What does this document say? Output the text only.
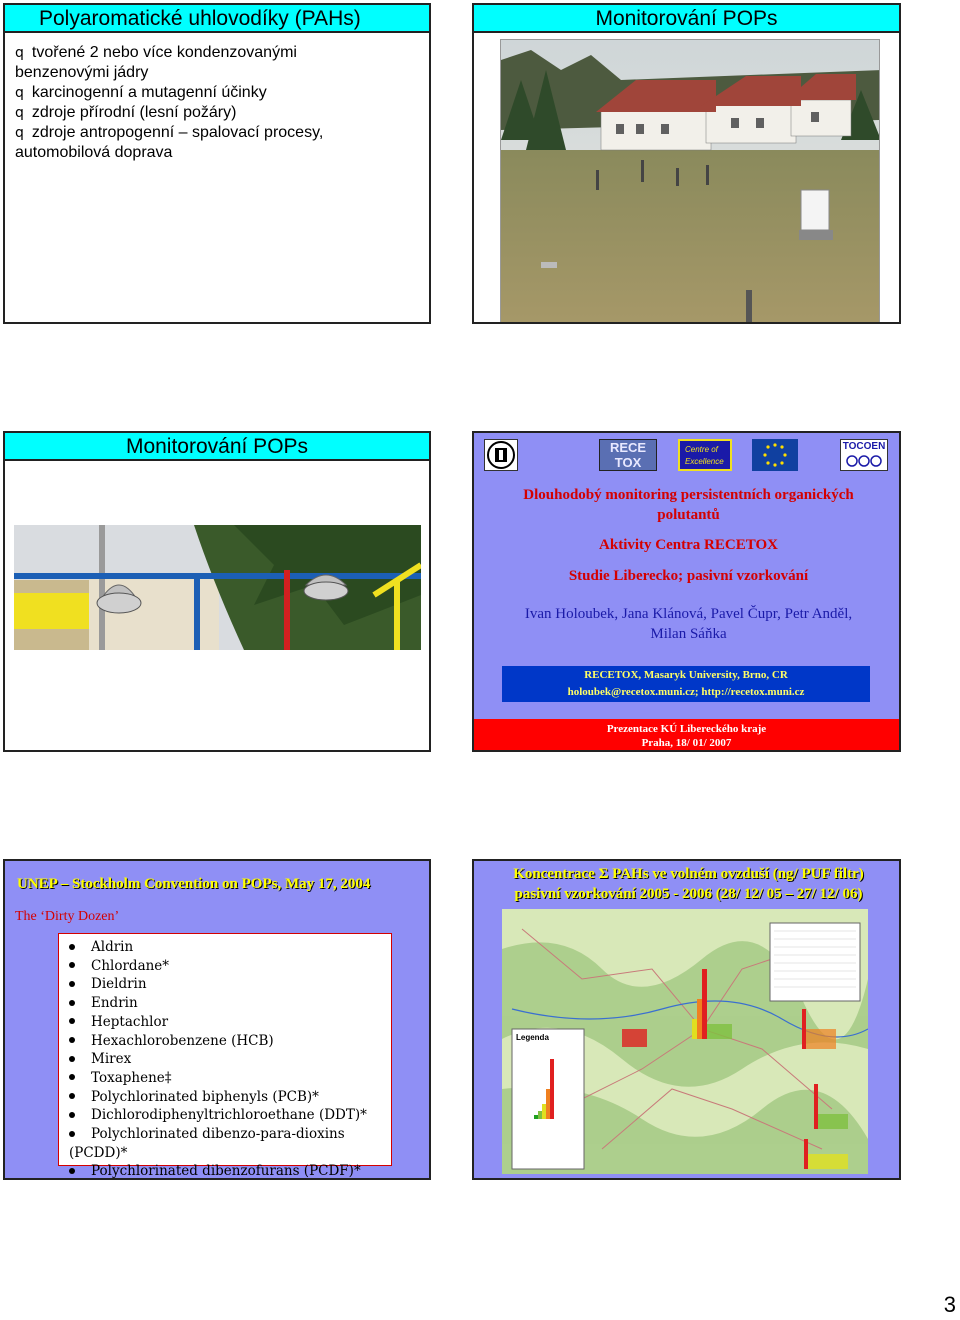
Polyaromatické uhlovodíky (PAHs)
q tvořené 2 nebo více kondenzovanými
benzenovými jádry
q karcinogenní a mutagenní účinky
q zdroje přírodní (lesní požáry)
q zdroje antropogenní – spalovací procesy,
automobilová doprava
Monitorování POPs
Monitorování POPs	RECE
TOX
Centre of
Excellence
TOCOEN
Dlouhodobý monitoring persistentních organických
polutantů
Aktivity Centra RECETOX
Studie Liberecko; pasivní vzorkování
Ivan Holoubek, Jana Klánová, Pavel Čupr, Petr Anděl,
Milan Sáňka
RECETOX, Masaryk University, Brno, CR
holoubek@recetox.muni.cz; http://recetox.muni.cz
Prezentace KÚ Libereckého kraje
Praha, 18/ 01/ 2007
UNEP – Stockholm Convention on POPs, May 17, 2004
The ‘Dirty Dozen’
Aldrin
Chlordane*
Dieldrin
Endrin
Heptachlor
Hexachlorobenzene (HCB)
Mirex
Toxaphene‡
Polychlorinated biphenyls (PCB)*
Dichlorodiphenyltrichloroethane (DDT)*
Polychlorinated dibenzo-para-dioxins (PCDD)*
Polychlorinated dibenzofurans (PCDF)*
Koncentrace Σ PAHs ve volném ovzduší (ng/ PUF filtr)
pasivní vzorkování 2005 - 2006 (28/ 12/ 05 – 27/ 12/ 06)
Legenda
3
